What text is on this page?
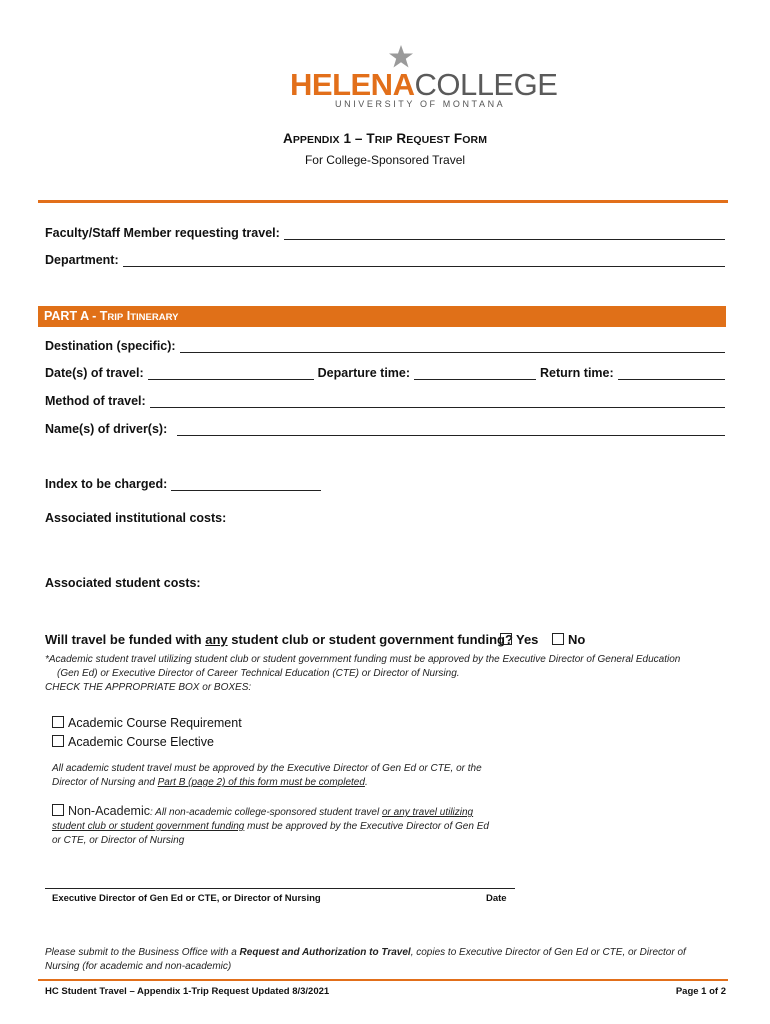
HELENACOLLEGE
UNIVERSITY OF MONTANA
APPENDIX 1 – TRIP REQUEST FORM
For College-Sponsored Travel
Faculty/Staff Member requesting travel:
Department:
PART A - TRIP ITINERARY
Destination (specific):
Date(s) of travel:	Departure time:	Return time:
Method of travel:
Name(s) of driver(s):
Index to be charged:
Associated institutional costs:
Associated student costs:
Will travel be funded with any student club or student government funding? Yes	No
*Academic student travel utilizing student club or student government funding must be approved by the Executive Director of General Education
(Gen Ed) or Executive Director of Career Technical Education (CTE) or Director of Nursing.
CHECK THE APPROPRIATE BOX or BOXES:
Academic Course Requirement
Academic Course Elective
All academic student travel must be approved by the Executive Director of Gen Ed or CTE, or the
Director of Nursing and Part B (page 2) of this form must be completed.
Non-Academic: All non-academic college-sponsored student travel or any travel utilizing
student club or student government funding must be approved by the Executive Director of Gen Ed
or CTE, or Director of Nursing
Executive Director of Gen Ed or CTE, or Director of Nursing	Date
Please submit to the Business Office with a Request and Authorization to Travel, copies to Executive Director of Gen Ed or CTE, or Director of
Nursing (for academic and non-academic)
HC Student Travel – Appendix 1-Trip Request Updated 8/3/2021	Page 1 of 2
